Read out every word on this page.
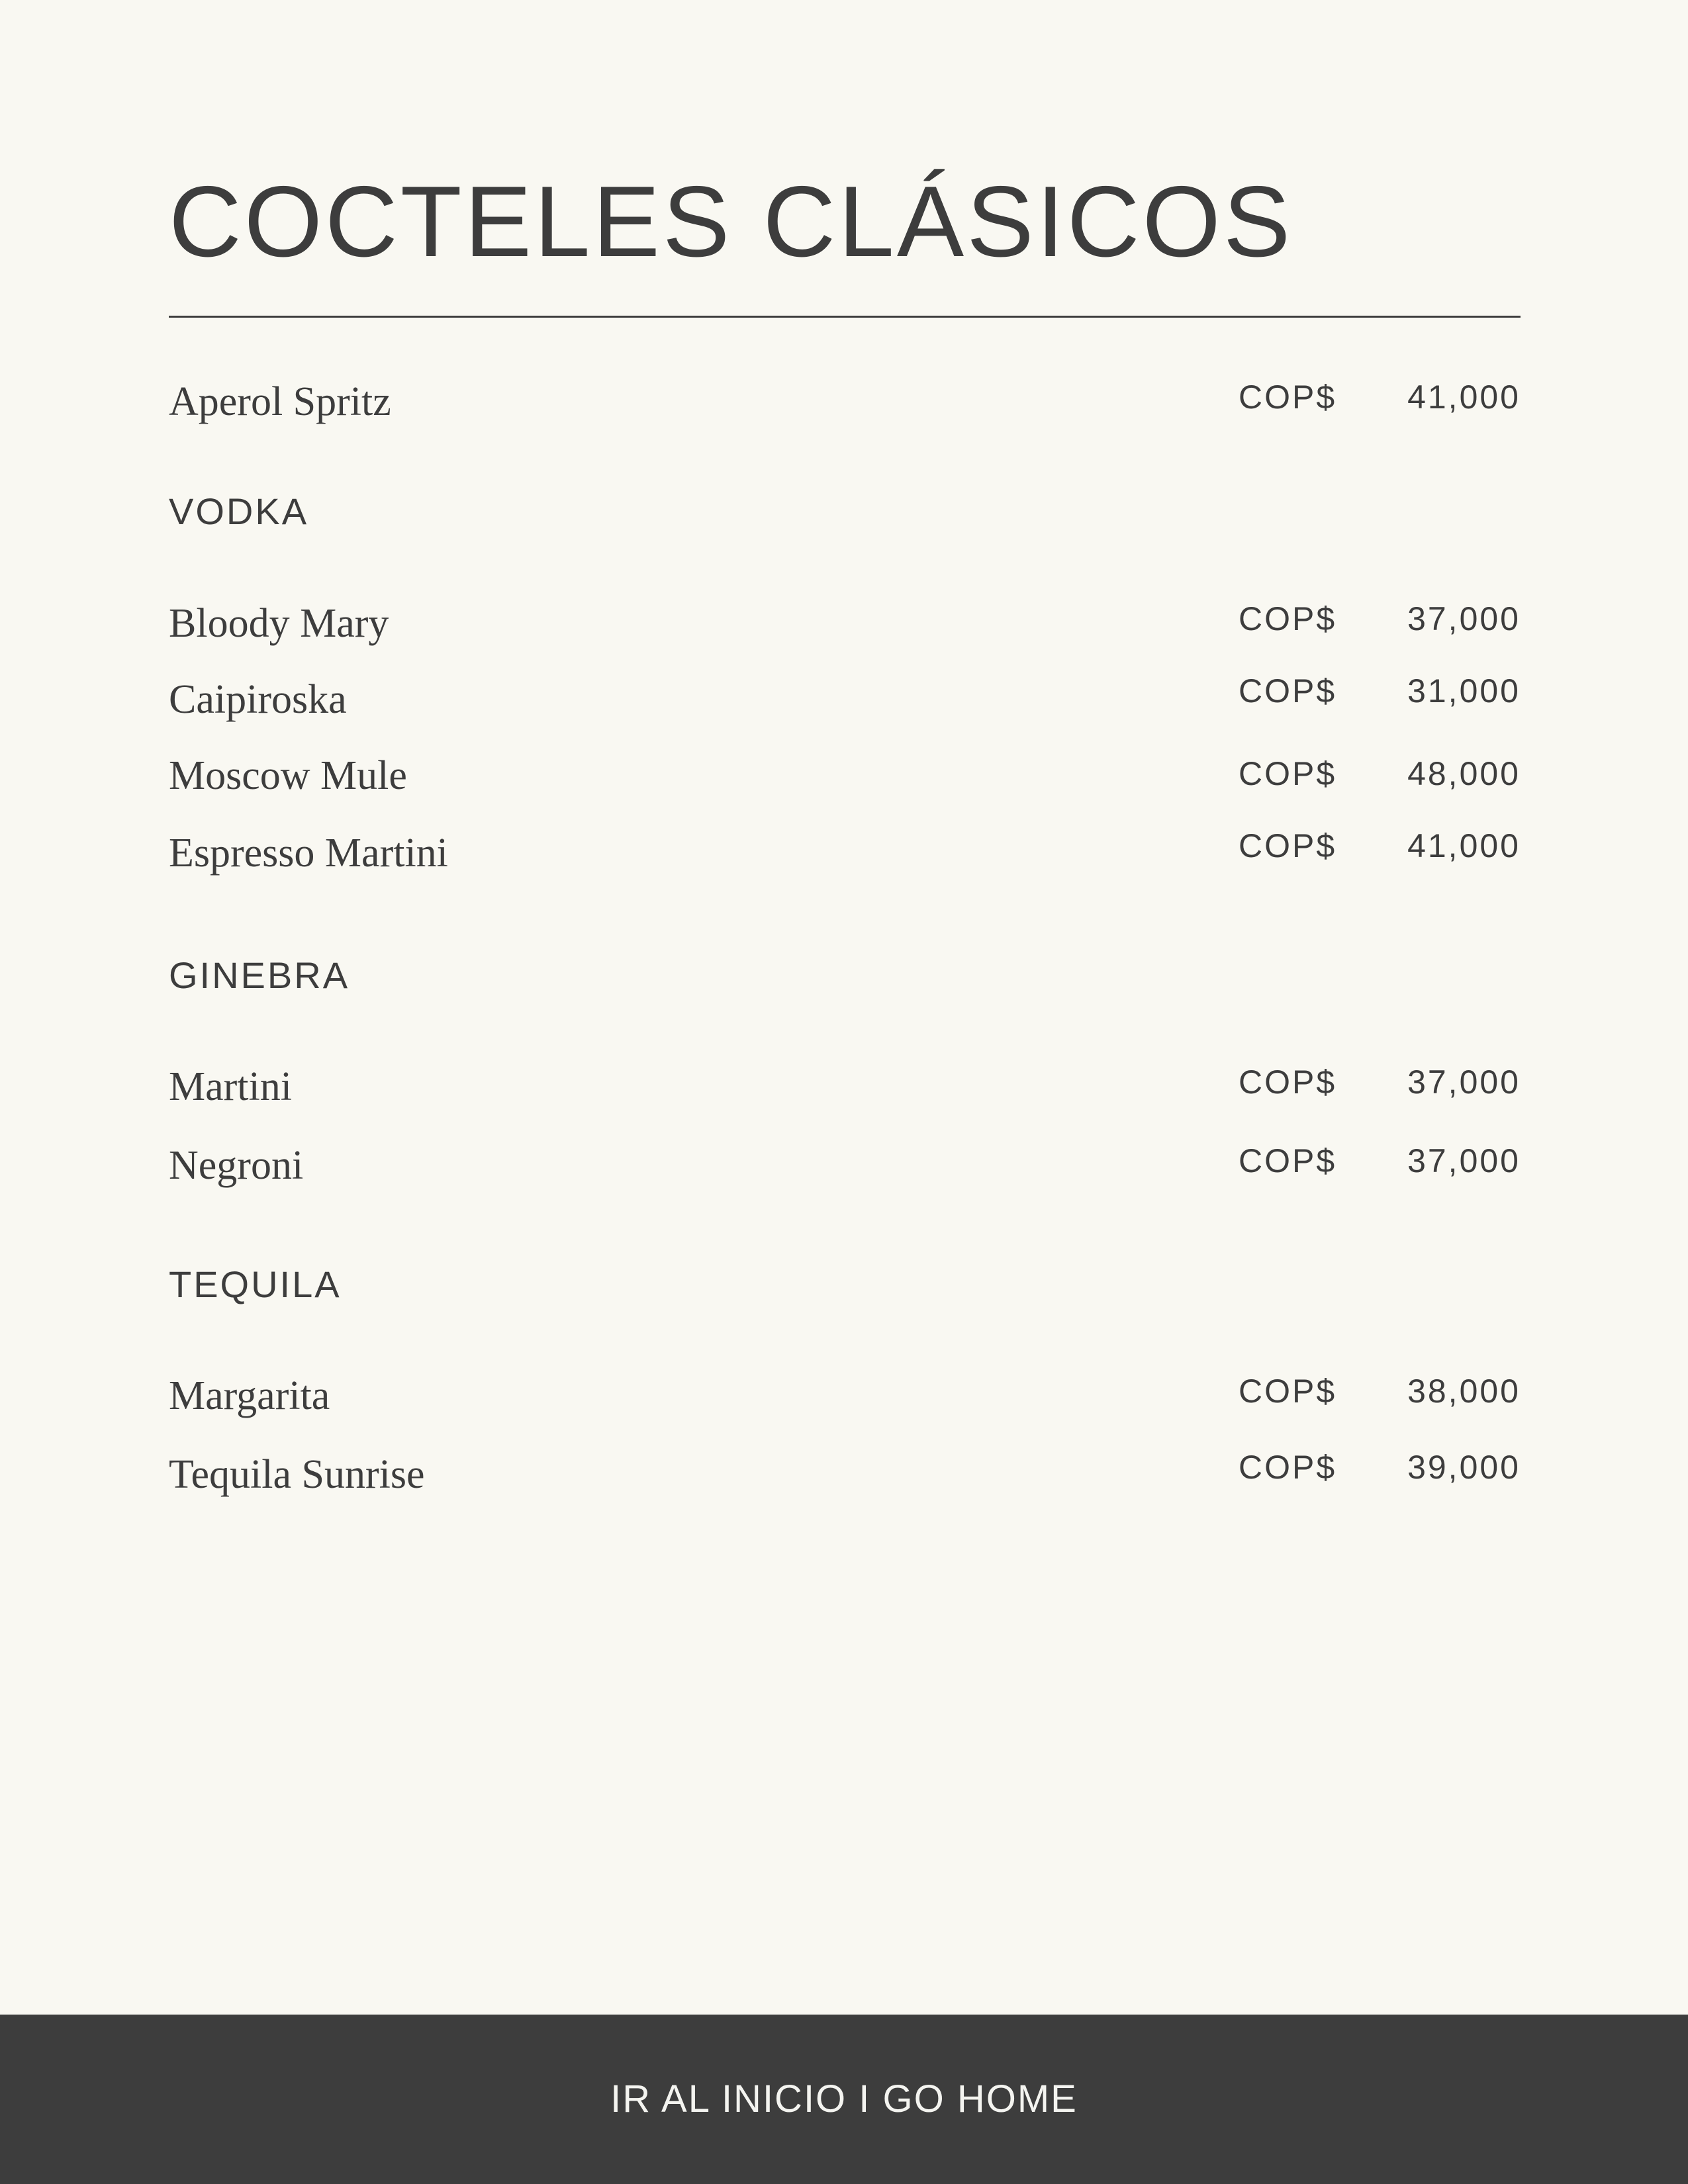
COCTELES CLÁSICOS
Aperol Spritz	COP$ 41,000
VODKA
Bloody Mary	COP$ 37,000
Caipiroska	COP$ 31,000
Moscow Mule	COP$ 48,000
Espresso Martini	COP$ 41,000
GINEBRA
Martini	COP$ 37,000
Negroni	COP$ 37,000
TEQUILA
Margarita	COP$ 38,000
Tequila Sunrise	COP$ 39,000
IR AL INICIO I GO HOME
